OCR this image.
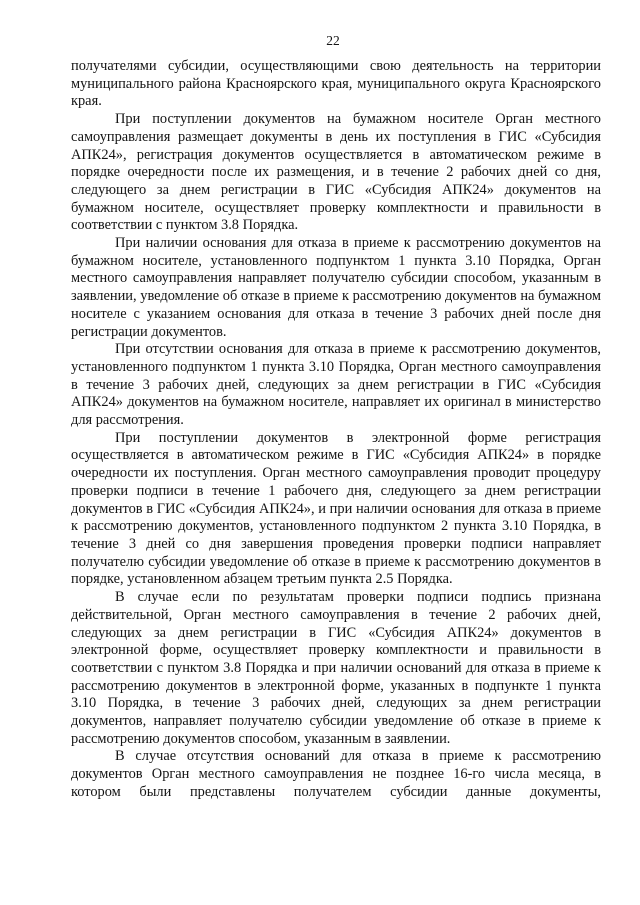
22

получателями субсидии, осуществляющими свою деятельность на территории муниципального района Красноярского края, муниципального округа Красноярского края.

При поступлении документов на бумажном носителе Орган местного самоуправления размещает документы в день их поступления в ГИС «Субсидия АПК24», регистрация документов осуществляется в автоматическом режиме в порядке очередности после их размещения, и в течение 2 рабочих дней со дня, следующего за днем регистрации в ГИС «Субсидия АПК24» документов на бумажном носителе, осуществляет проверку комплектности и правильности в соответствии с пунктом 3.8 Порядка.

При наличии основания для отказа в приеме к рассмотрению документов на бумажном носителе, установленного подпунктом 1 пункта 3.10 Порядка, Орган местного самоуправления направляет получателю субсидии способом, указанным в заявлении, уведомление об отказе в приеме к рассмотрению документов на бумажном носителе с указанием основания для отказа в течение 3 рабочих дней после дня регистрации документов.

При отсутствии основания для отказа в приеме к рассмотрению документов, установленного подпунктом 1 пункта 3.10 Порядка, Орган местного самоуправления в течение 3 рабочих дней, следующих за днем регистрации в ГИС «Субсидия АПК24» документов на бумажном носителе, направляет их оригинал в министерство для рассмотрения.

При поступлении документов в электронной форме регистрация осуществляется в автоматическом режиме в ГИС «Субсидия АПК24» в порядке очередности их поступления. Орган местного самоуправления проводит процедуру проверки подписи в течение 1 рабочего дня, следующего за днем регистрации документов в ГИС «Субсидия АПК24», и при наличии основания для отказа в приеме к рассмотрению документов, установленного подпунктом 2 пункта 3.10 Порядка, в течение 3 дней со дня завершения проведения проверки подписи направляет получателю субсидии уведомление об отказе в приеме к рассмотрению документов в порядке, установленном абзацем третьим пункта 2.5 Порядка.

В случае если по результатам проверки подписи подпись признана действительной, Орган местного самоуправления в течение 2 рабочих дней, следующих за днем регистрации в ГИС «Субсидия АПК24» документов в электронной форме, осуществляет проверку комплектности и правильности в соответствии с пунктом 3.8 Порядка и при наличии оснований для отказа в приеме к рассмотрению документов в электронной форме, указанных в подпункте 1 пункта 3.10 Порядка, в течение 3 рабочих дней, следующих за днем регистрации документов, направляет получателю субсидии уведомление об отказе в приеме к рассмотрению документов способом, указанным в заявлении.

В случае отсутствия оснований для отказа в приеме к рассмотрению документов Орган местного самоуправления не позднее 16-го числа месяца, в котором были представлены получателем субсидии данные документы,
